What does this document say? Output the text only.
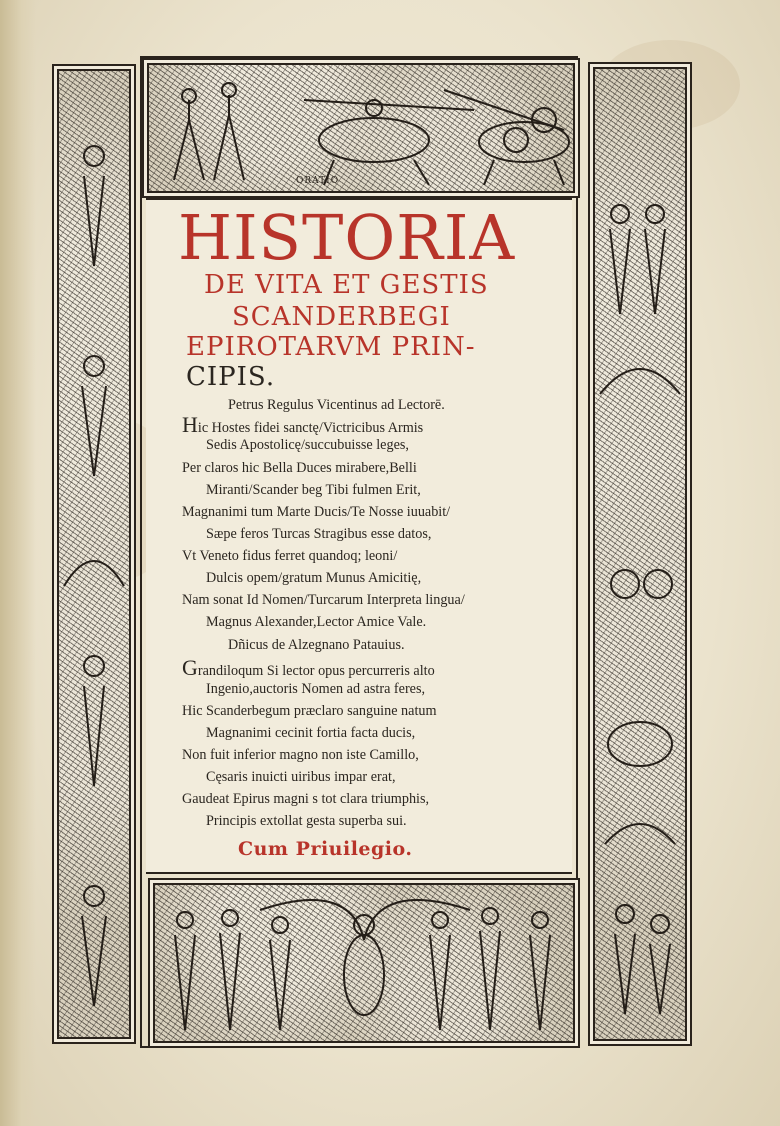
ORATIO
HISTORIA
DE VITA ET GESTIS
SCANDERBEGI
EPIROTARVM PRIN-
CIPIS.
Petrus Regulus Vicentinus ad Lectorē.
Hic Hostes fidei sanctę/Victricibus Armis
Sedis Apostolicę/succubuisse leges,
Per claros hic Bella Duces mirabere,Belli
Miranti/Scander beg Tibi fulmen Erit,
Magnanimi tum Marte Ducis/Te Nosse iuuabit/
Sæpe feros Turcas Stragibus esse datos,
Vt Veneto fidus ferret quandoq; leoni/
Dulcis opem/gratum Munus Amicitię,
Nam sonat Id Nomen/Turcarum Interpreta lingua/
Magnus Alexander,Lector Amice Vale.
Dñicus de Alzegnano Patauius.
Grandiloqum Si lector opus percurreris alto
Ingenio,auctoris Nomen ad astra feres,
Hic Scanderbegum præclaro sanguine natum
Magnanimi cecinit fortia facta ducis,
Non fuit inferior magno non iste Camillo,
Cęsaris inuicti uiribus impar erat,
Gaudeat Epirus magni s tot clara triumphis,
Principis extollat gesta superba sui.
Cum Priuilegio.
